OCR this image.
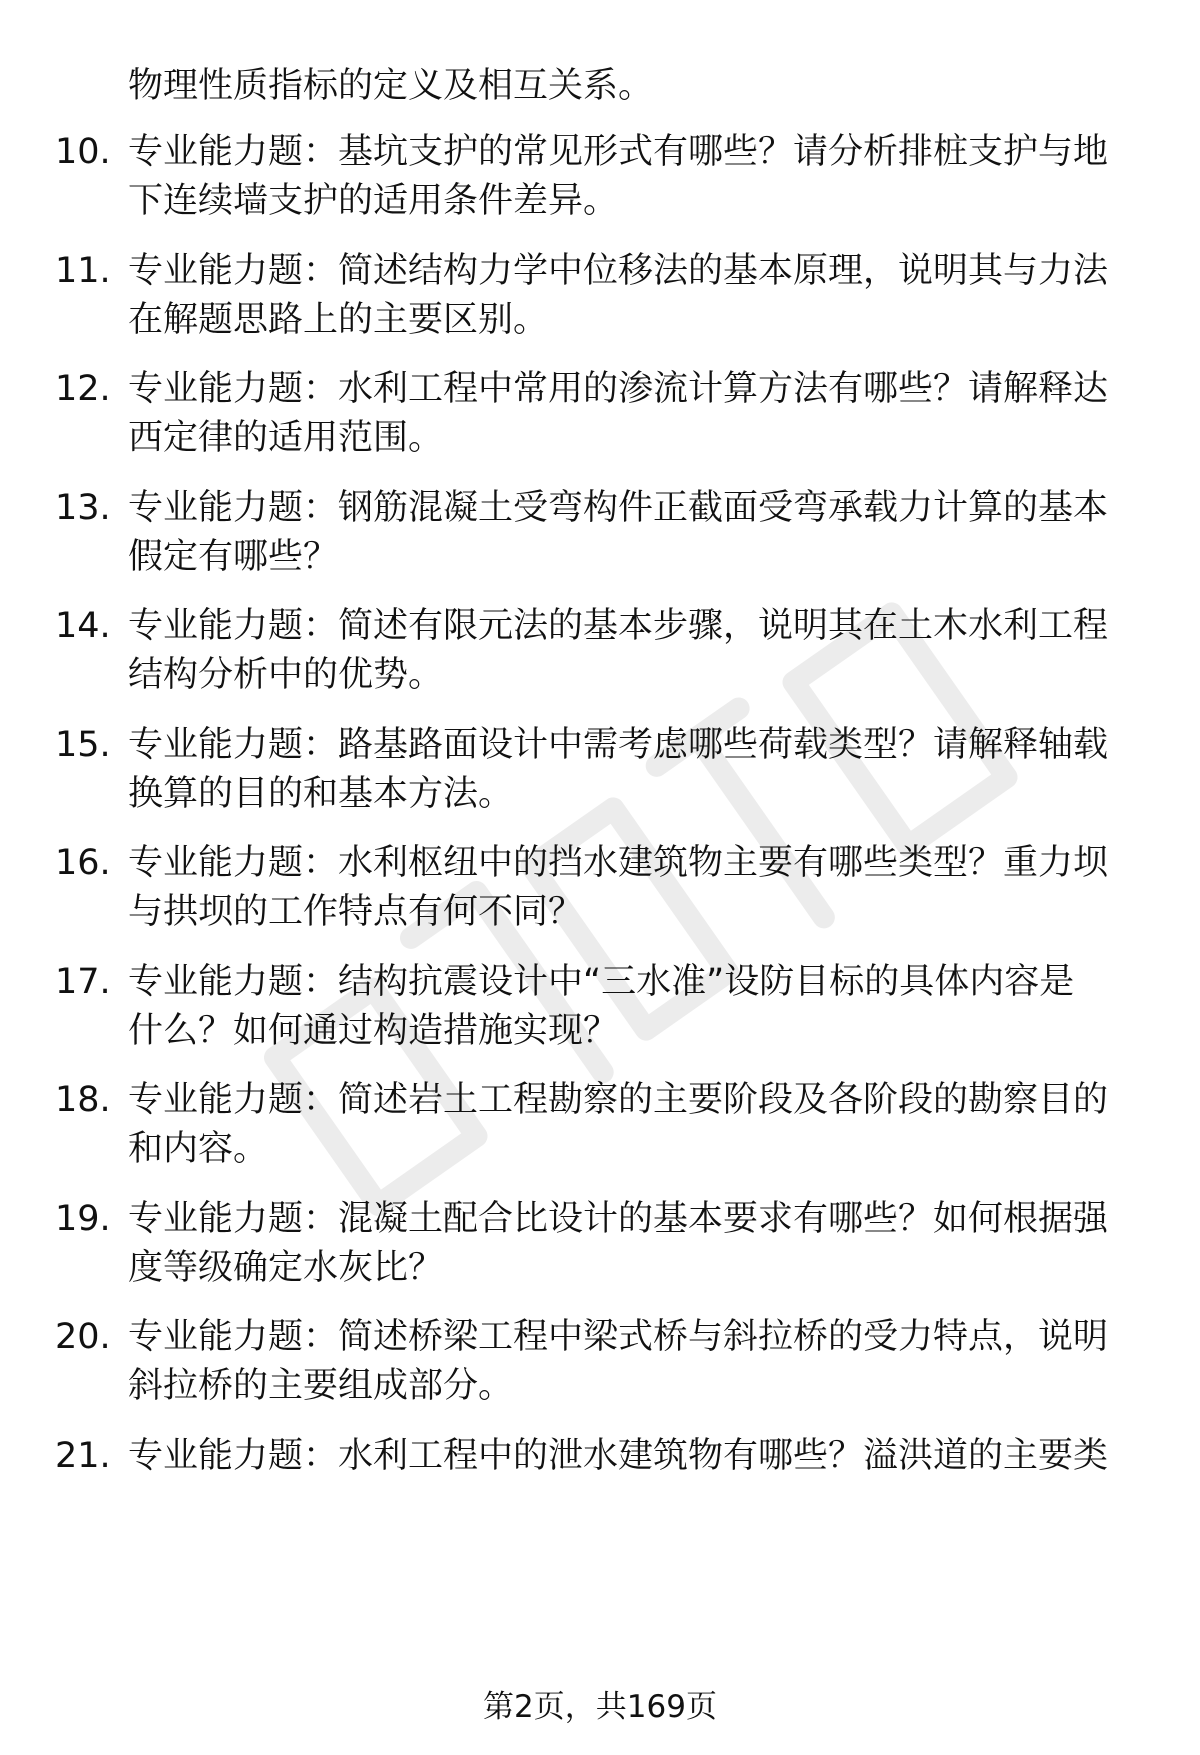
物理性质指标的定义及相互关系。
10. 专业能力题：基坑支护的常见形式有哪些？请分析排桩支护与地
下连续墙支护的适用条件差异。
11. 专业能力题：简述结构力学中位移法的基本原理，说明其与力法
在解题思路上的主要区别。
12. 专业能力题：水利工程中常用的渗流计算方法有哪些？请解释达
西定律的适用范围。
13. 专业能力题：钢筋混凝土受弯构件正截面受弯承载力计算的基本
假定有哪些？
14. 专业能力题：简述有限元法的基本步骤，说明其在土木水利工程
结构分析中的优势。
15. 专业能力题：路基路面设计中需考虑哪些荷载类型？请解释轴载
换算的目的和基本方法。
16. 专业能力题：水利枢纽中的挡水建筑物主要有哪些类型？重力坝
与拱坝的工作特点有何不同？
17. 专业能力题：结构抗震设计中“三水准”设防目标的具体内容是
什么？如何通过构造措施实现？
18. 专业能力题：简述岩土工程勘察的主要阶段及各阶段的勘察目的
和内容。
19. 专业能力题：混凝土配合比设计的基本要求有哪些？如何根据强
度等级确定水灰比？
20. 专业能力题：简述桥梁工程中梁式桥与斜拉桥的受力特点，说明
斜拉桥的主要组成部分。
21. 专业能力题：水利工程中的泄水建筑物有哪些？溢洪道的主要类
第2页，共169页
